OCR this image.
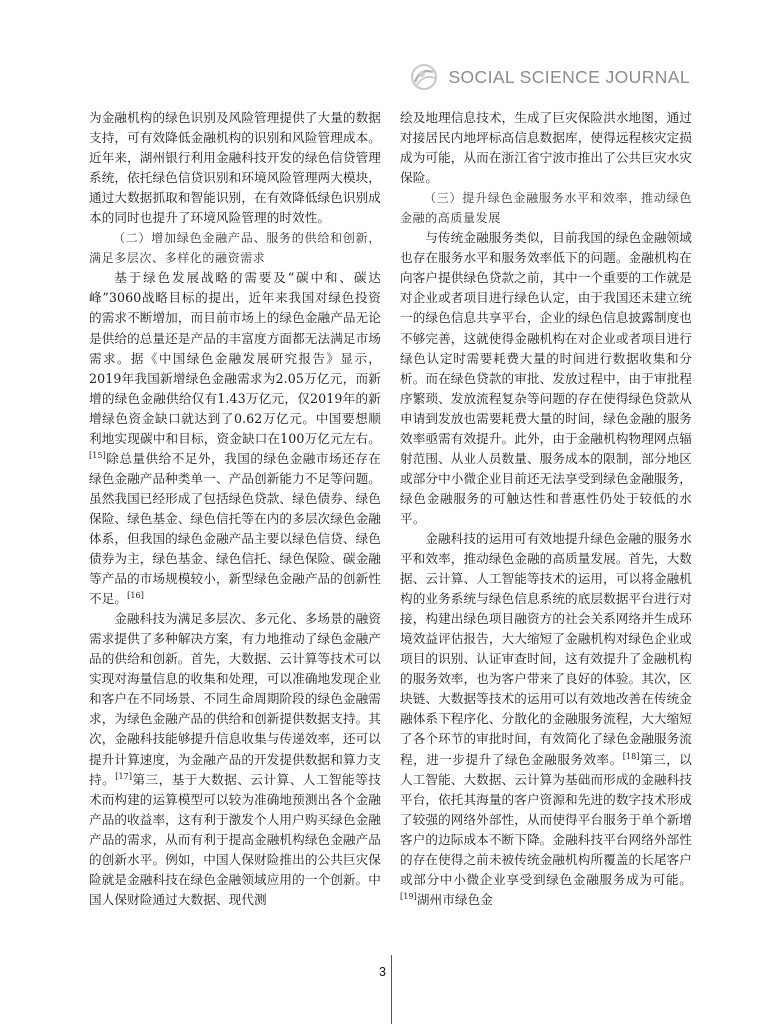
SOCIAL SCIENCE JOURNAL

为金融机构的绿色识别及风险管理提供了大量的数据支持，可有效降低金融机构的识别和风险管理成本。近年来，湖州银行利用金融科技开发的绿色信贷管理系统，依托绿色信贷识别和环境风险管理两大模块，通过大数据抓取和智能识别，在有效降低绿色识别成本的同时也提升了环境风险管理的时效性。

（二）增加绿色金融产品、服务的供给和创新，满足多层次、多样化的融资需求

基于绿色发展战略的需要及“碳中和、碳达峰”3060战略目标的提出，近年来我国对绿色投资的需求不断增加，而目前市场上的绿色金融产品无论是供给的总量还是产品的丰富度方面都无法满足市场需求。据《中国绿色金融发展研究报告》显示，2019年我国新增绿色金融需求为2.05万亿元，而新增的绿色金融供给仅有1.43万亿元，仅2019年的新增绿色资金缺口就达到了0.62万亿元。中国要想顺利地实现碳中和目标，资金缺口在100万亿元左右。[15]除总量供给不足外，我国的绿色金融市场还存在绿色金融产品种类单一、产品创新能力不足等问题。虽然我国已经形成了包括绿色贷款、绿色债券、绿色保险、绿色基金、绿色信托等在内的多层次绿色金融体系，但我国的绿色金融产品主要以绿色信贷、绿色债券为主，绿色基金、绿色信托、绿色保险、碳金融等产品的市场规模较小，新型绿色金融产品的创新性不足。[16]

金融科技为满足多层次、多元化、多场景的融资需求提供了多种解决方案，有力地推动了绿色金融产品的供给和创新。首先，大数据、云计算等技术可以实现对海量信息的收集和处理，可以准确地发现企业和客户在不同场景、不同生命周期阶段的绿色金融需求，为绿色金融产品的供给和创新提供数据支持。其次，金融科技能够提升信息收集与传递效率，还可以提升计算速度，为金融产品的开发提供数据和算力支持。[17]第三，基于大数据、云计算、人工智能等技术而构建的运算模型可以较为准确地预测出各个金融产品的收益率，这有利于激发个人用户购买绿色金融产品的需求，从而有利于提高金融机构绿色金融产品的创新水平。例如，中国人保财险推出的公共巨灾保险就是金融科技在绿色金融领域应用的一个创新。中国人保财险通过大数据、现代测

绘及地理信息技术，生成了巨灾保险洪水地图，通过对接居民内地坪标高信息数据库，使得远程核灾定损成为可能，从而在浙江省宁波市推出了公共巨灾水灾保险。

（三）提升绿色金融服务水平和效率，推动绿色金融的高质量发展

与传统金融服务类似，目前我国的绿色金融领域也存在服务水平和服务效率低下的问题。金融机构在向客户提供绿色贷款之前，其中一个重要的工作就是对企业或者项目进行绿色认定，由于我国还未建立统一的绿色信息共享平台，企业的绿色信息披露制度也不够完善，这就使得金融机构在对企业或者项目进行绿色认定时需要耗费大量的时间进行数据收集和分析。而在绿色贷款的审批、发放过程中，由于审批程序繁琐、发放流程复杂等问题的存在使得绿色贷款从申请到发放也需要耗费大量的时间，绿色金融的服务效率亟需有效提升。此外，由于金融机构物理网点辐射范围、从业人员数量、服务成本的限制，部分地区或部分中小微企业目前还无法享受到绿色金融服务，绿色金融服务的可触达性和普惠性仍处于较低的水平。

金融科技的运用可有效地提升绿色金融的服务水平和效率，推动绿色金融的高质量发展。首先，大数据、云计算、人工智能等技术的运用，可以将金融机构的业务系统与绿色信息系统的底层数据平台进行对接，构建出绿色项目融资方的社会关系网络并生成环境效益评估报告，大大缩短了金融机构对绿色企业或项目的识别、认证审查时间，这有效提升了金融机构的服务效率，也为客户带来了良好的体验。其次，区块链、大数据等技术的运用可以有效地改善在传统金融体系下程序化、分散化的金融服务流程，大大缩短了各个环节的审批时间，有效简化了绿色金融服务流程，进一步提升了绿色金融服务效率。[18]第三，以人工智能、大数据、云计算为基础而形成的金融科技平台，依托其海量的客户资源和先进的数字技术形成了较强的网络外部性，从而使得平台服务于单个新增客户的边际成本不断下降。金融科技平台网络外部性的存在使得之前未被传统金融机构所覆盖的长尾客户或部分中小微企业享受到绿色金融服务成为可能。[19]湖州市绿色金

3
